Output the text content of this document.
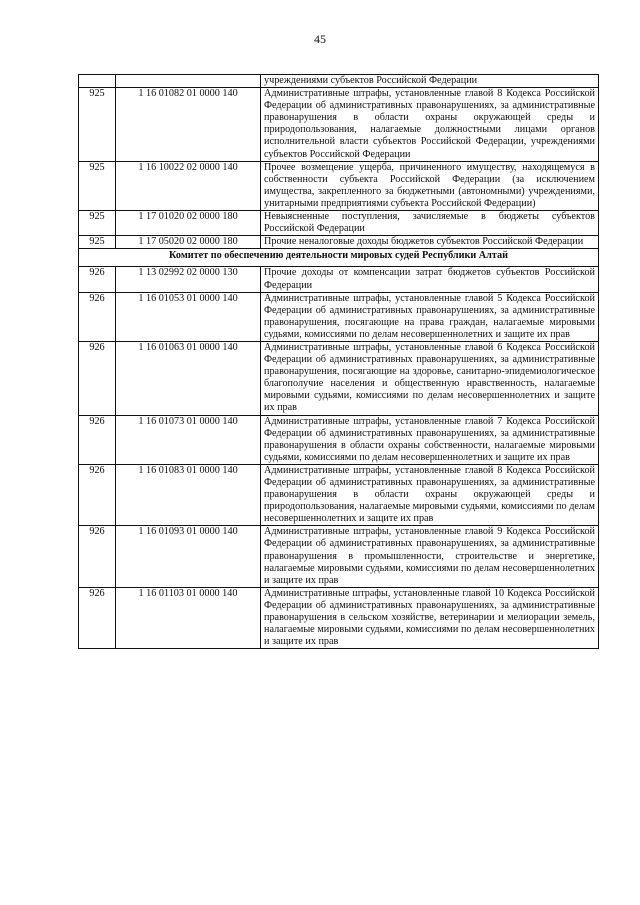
45
		учреждениями субъектов Российской Федерации
925	1 16 01082 01 0000 140	Административные штрафы, установленные главой 8 Кодекса Российской Федерации об административных правонарушениях, за административные правонарушения в области охраны окружающей среды и природопользования, налагаемые должностными лицами органов исполнительной власти субъектов Российской Федерации, учреждениями субъектов Российской Федерации
925	1 16 10022 02 0000 140	Прочее возмещение ущерба, причиненного имуществу, находящемуся в собственности субъекта Российской Федерации (за исключением имущества, закрепленного за бюджетными (автономными) учреждениями, унитарными предприятиями субъекта Российской Федерации)
925	1 17 01020 02 0000 180	Невыясненные поступления, зачисляемые в бюджеты субъектов Российской Федерации
925	1 17 05020 02 0000 180	Прочие неналоговые доходы бюджетов субъектов Российской Федерации
Комитет по обеспечению деятельности мировых судей Республики Алтай		
926	1 13 02992 02 0000 130	Прочие доходы от компенсации затрат бюджетов субъектов Российской Федерации
926	1 16 01053 01 0000 140	Административные штрафы, установленные главой 5 Кодекса Российской Федерации об административных правонарушениях, за административные правонарушения, посягающие на права граждан, налагаемые мировыми судьями, комиссиями по делам несовершеннолетних и защите их прав
926	1 16 01063 01 0000 140	Административные штрафы, установленные главой 6 Кодекса Российской Федерации об административных правонарушениях, за административные правонарушения, посягающие на здоровье, санитарно-эпидемиологическое благополучие населения и общественную нравственность, налагаемые мировыми судьями, комиссиями по делам несовершеннолетних и защите их прав
926	1 16 01073 01 0000 140	Административные штрафы, установленные главой 7 Кодекса Российской Федерации об административных правонарушениях, за административные правонарушения в области охраны собственности, налагаемые мировыми судьями, комиссиями по делам несовершеннолетних и защите их прав
926	1 16 01083 01 0000 140	Административные штрафы, установленные главой 8 Кодекса Российской Федерации об административных правонарушениях, за административные правонарушения в области охраны окружающей среды и природопользования, налагаемые мировыми судьями, комиссиями по делам несовершеннолетних и защите их прав
926	1 16 01093 01 0000 140	Административные штрафы, установленные главой 9 Кодекса Российской Федерации об административных правонарушениях, за административные правонарушения в промышленности, строительстве и энергетике, налагаемые мировыми судьями, комиссиями по делам несовершеннолетних и защите их прав
926	1 16 01103 01 0000 140	Административные штрафы, установленные главой 10 Кодекса Российской Федерации об административных правонарушениях, за административные правонарушения в сельском хозяйстве, ветеринарии и мелиорации земель, налагаемые мировыми судьями, комиссиями по делам несовершеннолетних и защите их прав
